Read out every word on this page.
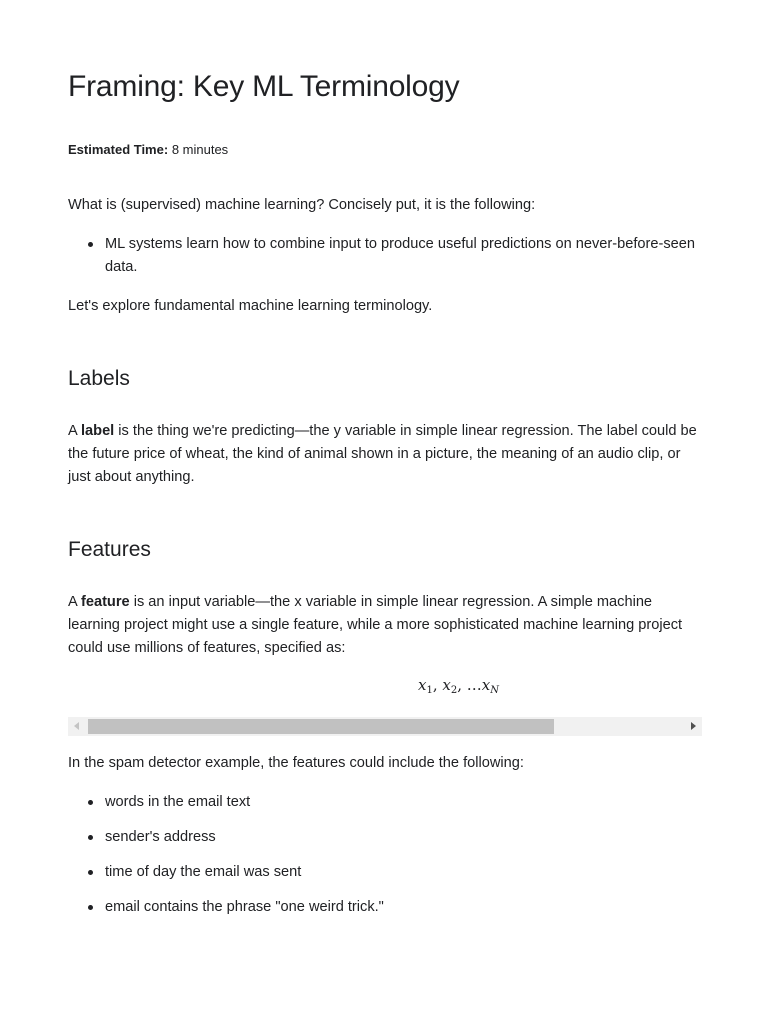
Framing: Key ML Terminology
Estimated Time: 8 minutes

What is (supervised) machine learning? Concisely put, it is the following:

ML systems learn how to combine input to produce useful predictions on never-before-seen data.

Let's explore fundamental machine learning terminology.

Labels

A label is the thing we're predicting—the y variable in simple linear regression. The label could be the future price of wheat, the kind of animal shown in a picture, the meaning of an audio clip, or just about anything.

Features

A feature is an input variable—the x variable in simple linear regression. A simple machine learning project might use a single feature, while a more sophisticated machine learning project could use millions of features, specified as:

$x_1$, $x_2$, $\dots x_N$

In the spam detector example, the features could include the following:

words in the email text
sender's address
time of day the email was sent
email contains the phrase "one weird trick."
